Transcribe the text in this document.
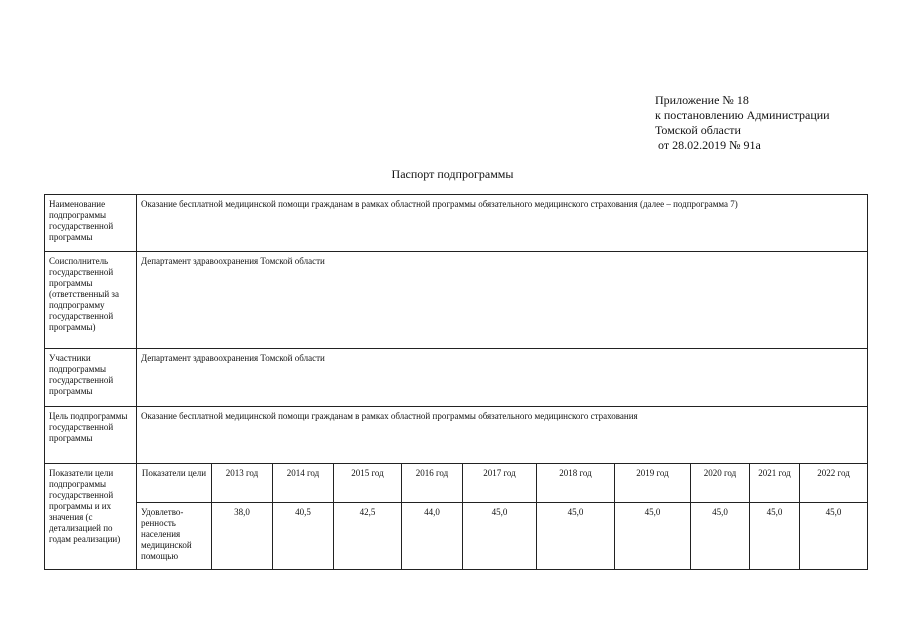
Приложение № 18
к постановлению Администрации
Томской области
от 28.02.2019 № 91а
Паспорт подпрограммы
Наименование подпрограммы государственной программы	Оказание бесплатной медицинской помощи гражданам в рамках областной программы обязательного медицинского страхования (далее – подпрограмма 7)										
Соисполнитель государственной программы (ответственный за подпрограмму государственной программы)	Департамент здравоохранения Томской области										
Участники подпрограммы государственной программы	Департамент здравоохранения Томской области										
Цель подпрограммы государственной программы	Оказание бесплатной медицинской помощи гражданам в рамках областной программы обязательного медицинского страхования										
Показатели цели подпрограммы государственной программы и их значения (с детализацией по годам реализации)	Показатели цели	2013 год	2014 год	2015 год	2016 год	2017 год	2018 год	2019 год	2020 год	2021 год	2022 год
	Удовлетво-ренность населения медицинской помощью	38,0	40,5	42,5	44,0	45,0	45,0	45,0	45,0	45,0	45,0
